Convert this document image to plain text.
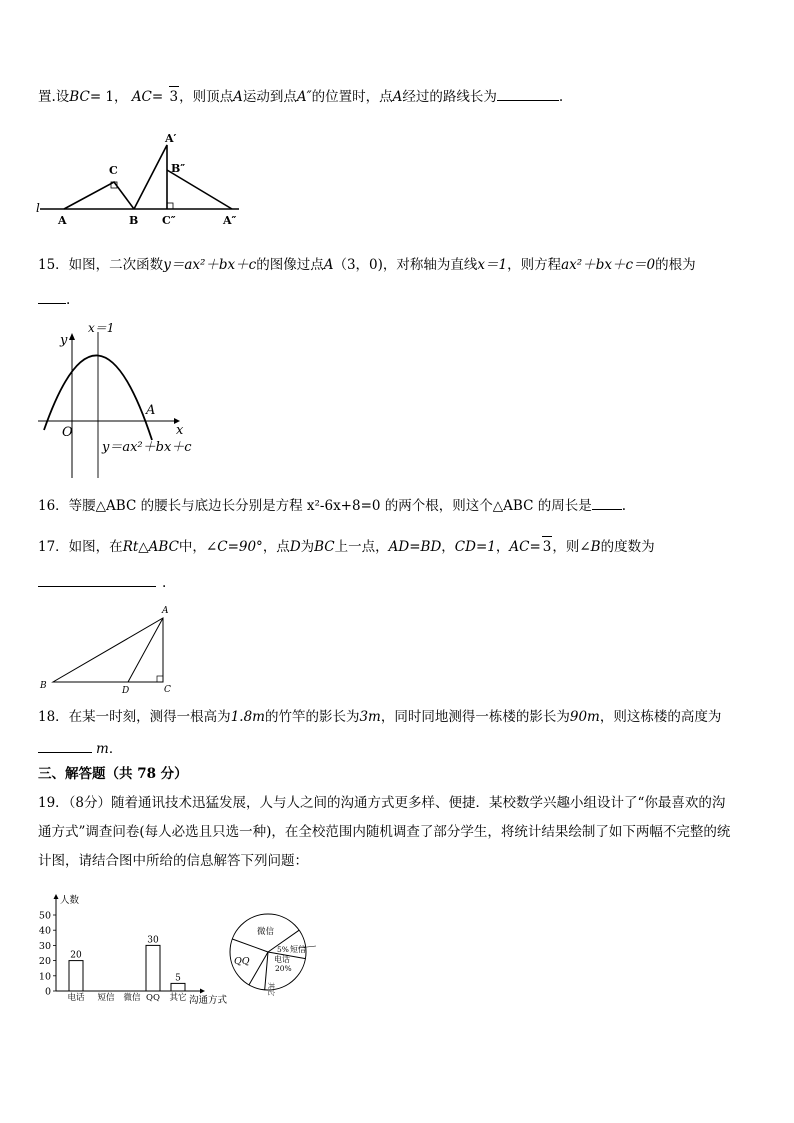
置.设BC= 1， AC= 3，则顶点A运动到点A″的位置时，点A经过的路线长为	.
l
A
C
B
A′
B″
C″	A″
15．如图，二次函数y＝ax²＋bx＋c的图像过点A（3，0)，对称轴为直线x＝1，则方程ax²＋bx＋c＝0的根为
.
x＝1
y
x
O
A
y＝ax²＋bx＋c
16．等腰△ABC 的腰长与底边长分别是方程 x²-6x+8=0 的两个根，则这个△ABC 的周长是 .
17．如图，在Rt△ABC中，∠C=90°，点D为BC上一点，AD=BD，CD=1，AC= 3，则∠B的度数为
.
A
B	D	C
18．在某一时刻，测得一根高为1.8m的竹竿的影长为3m，同时同地测得一栋楼的影长为90m，则这栋楼的高度为
m．
三、解答题（共 78 分）
19．（8分）随着通讯技术迅猛发展，人与人之间的沟通方式更多样、便捷．某校数学兴趣小组设计了“你最喜欢的沟
通方式”调查问卷(每人必选且只选一种)，在全校范围内随机调查了部分学生，将统计结果绘制了如下两幅不完整的统
计图，请结合图中所给的信息解答下列问题：
人数
沟通方式
0
10
20
30
40
50
电话
20
短信 微信 QQ
30
其它
5
微信
短信
5%
电话
20%
其它
QQ
